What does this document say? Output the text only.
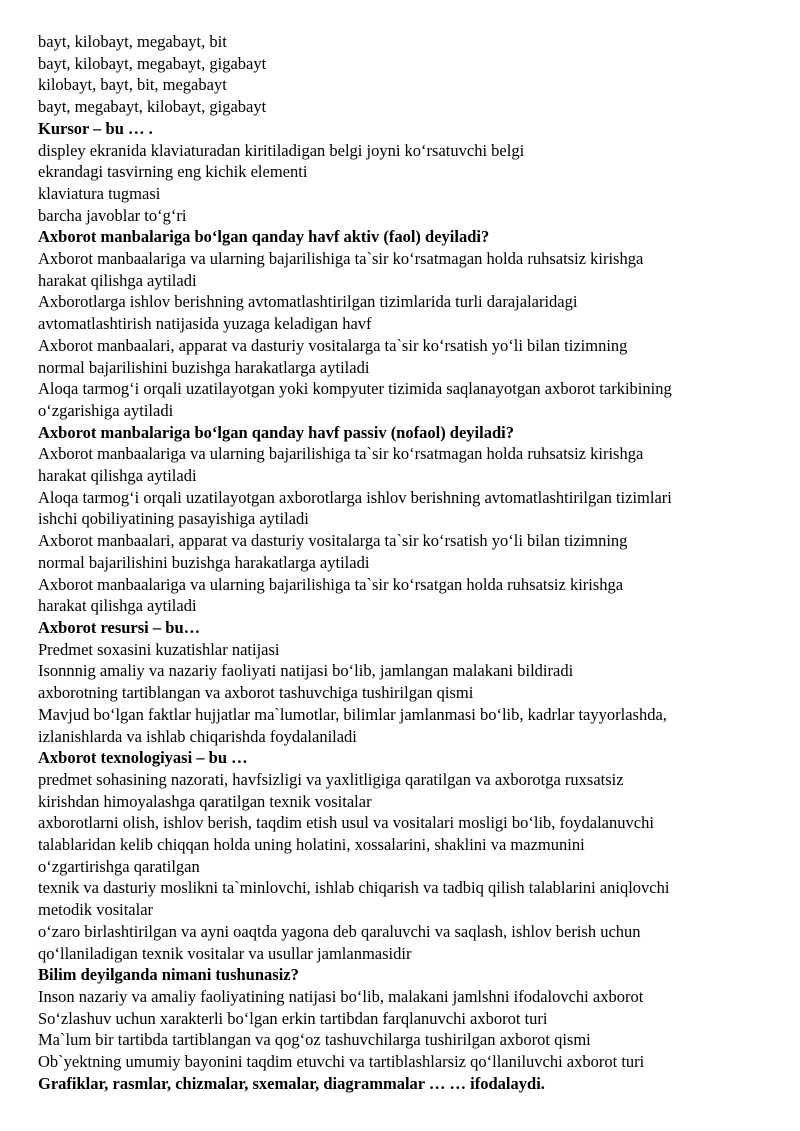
bayt, kilobayt, megabayt, bit
bayt, kilobayt, megabayt, gigabayt
kilobayt, bayt, bit, megabayt
bayt, megabayt, kilobayt, gigabayt
Kursor – bu … .
displey ekranida klaviaturadan kiritiladigan belgi joyni koʻrsatuvchi belgi
ekrandagi tasvirning eng kichik elementi
klaviatura tugmasi
barcha javoblar toʻgʻri
Axborot manbalariga boʻlgan qanday havf aktiv (faol) deyiladi?
Axborot manbaalariga va ularning bajarilishiga ta`sir koʻrsatmagan holda ruhsatsiz kirishga
harakat qilishga aytiladi
Axborotlarga ishlov berishning avtomatlashtirilgan tizimlarida turli darajalaridagi
avtomatlashtirish natijasida yuzaga keladigan havf
Axborot manbaalari, apparat va dasturiy vositalarga ta`sir koʻrsatish yoʻli bilan tizimning
normal bajarilishini buzishga harakatlarga aytiladi
Aloqa tarmogʻi orqali uzatilayotgan yoki kompyuter tizimida saqlanayotgan axborot tarkibining
oʻzgarishiga aytiladi
Axborot manbalariga boʻlgan qanday havf passiv (nofaol) deyiladi?
Axborot manbaalariga va ularning bajarilishiga ta`sir koʻrsatmagan holda ruhsatsiz kirishga
harakat qilishga aytiladi
Aloqa tarmogʻi orqali uzatilayotgan axborotlarga ishlov berishning avtomatlashtirilgan tizimlari
ishchi qobiliyatining pasayishiga aytiladi
Axborot manbaalari, apparat va dasturiy vositalarga ta`sir koʻrsatish yoʻli bilan tizimning
normal bajarilishini buzishga harakatlarga aytiladi
Axborot manbaalariga va ularning bajarilishiga ta`sir koʻrsatgan holda ruhsatsiz kirishga
harakat qilishga aytiladi
Axborot resursi – bu…
Predmet soxasini kuzatishlar natijasi
Isonnnig amaliy va nazariy faoliyati natijasi boʻlib, jamlangan malakani bildiradi
axborotning tartiblangan va axborot tashuvchiga tushirilgan qismi
Mavjud boʻlgan faktlar hujjatlar ma`lumotlar, bilimlar jamlanmasi boʻlib, kadrlar tayyorlashda,
izlanishlarda va ishlab chiqarishda foydalaniladi
Axborot texnologiyasi – bu …
predmet sohasining nazorati, havfsizligi va yaxlitligiga qaratilgan va axborotga ruxsatsiz
kirishdan himoyalashga qaratilgan texnik vositalar
axborotlarni olish, ishlov berish, taqdim etish usul va vositalari mosligi boʻlib, foydalanuvchi
talablaridan kelib chiqqan holda uning holatini, xossalarini, shaklini va mazmunini
oʻzgartirishga qaratilgan
texnik va dasturiy moslikni ta`minlovchi, ishlab chiqarish va tadbiq qilish talablarini aniqlovchi
metodik vositalar
oʻzaro birlashtirilgan va ayni oaqtda yagona deb qaraluvchi va saqlash, ishlov berish uchun
qoʻllaniladigan texnik vositalar va usullar jamlanmasidir
Bilim deyilganda nimani tushunasiz?
Inson nazariy va amaliy faoliyatining natijasi boʻlib, malakani jamlshni ifodalovchi axborot
Soʻzlashuv uchun xarakterli boʻlgan erkin tartibdan farqlanuvchi axborot turi
Ma`lum bir tartibda tartiblangan va qogʻoz tashuvchilarga tushirilgan axborot qismi
Ob`yektning umumiy bayonini taqdim etuvchi va tartiblashlarsiz qoʻllaniluvchi axborot turi
Grafiklar, rasmlar, chizmalar, sxemalar, diagrammalar … … ifodalaydi.
